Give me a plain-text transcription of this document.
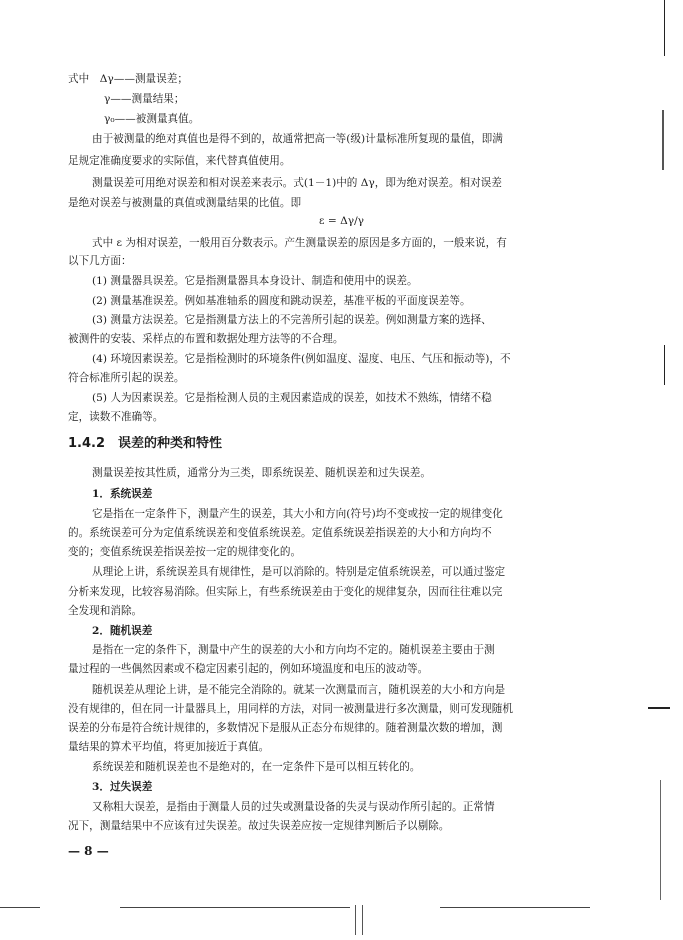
式中　Δγ——测量误差；
γ——测量结果；
γ₀——被测量真值。
由于被测量的绝对真值也是得不到的，故通常把高一等(级)计量标准所复现的量值，即满
足规定准确度要求的实际值，来代替真值使用。
测量误差可用绝对误差和相对误差来表示。式(1－1)中的 Δγ，即为绝对误差。相对误差
是绝对误差与被测量的真值或测量结果的比值。即
ε = Δγ/γ
式中 ε 为相对误差，一般用百分数表示。产生测量误差的原因是多方面的，一般来说，有
以下几方面：
(1) 测量器具误差。它是指测量器具本身设计、制造和使用中的误差。
(2) 测量基准误差。例如基准轴系的圆度和跳动误差，基准平板的平面度误差等。
(3) 测量方法误差。它是指测量方法上的不完善所引起的误差。例如测量方案的选择、
被测件的安装、采样点的布置和数据处理方法等的不合理。
(4) 环境因素误差。它是指检测时的环境条件(例如温度、湿度、电压、气压和振动等)，不
符合标准所引起的误差。
(5) 人为因素误差。它是指检测人员的主观因素造成的误差，如技术不熟练，情绪不稳
定，读数不准确等。
1.4.2　误差的种类和特性
测量误差按其性质，通常分为三类，即系统误差、随机误差和过失误差。
1．系统误差
它是指在一定条件下，测量产生的误差，其大小和方向(符号)均不变或按一定的规律变化
的。系统误差可分为定值系统误差和变值系统误差。定值系统误差指误差的大小和方向均不
变的；变值系统误差指误差按一定的规律变化的。
从理论上讲，系统误差具有规律性，是可以消除的。特别是定值系统误差，可以通过鉴定
分析来发现，比较容易消除。但实际上，有些系统误差由于变化的规律复杂，因而往往难以完
全发现和消除。
2．随机误差
是指在一定的条件下，测量中产生的误差的大小和方向均不定的。随机误差主要由于测
量过程的一些偶然因素或不稳定因素引起的，例如环境温度和电压的波动等。
随机误差从理论上讲，是不能完全消除的。就某一次测量而言，随机误差的大小和方向是
没有规律的，但在同一计量器具上，用同样的方法，对同一被测量进行多次测量，则可发现随机
误差的分布是符合统计规律的，多数情况下是服从正态分布规律的。随着测量次数的增加，测
量结果的算术平均值，将更加接近于真值。
系统误差和随机误差也不是绝对的，在一定条件下是可以相互转化的。
3．过失误差
又称粗大误差，是指由于测量人员的过失或测量设备的失灵与误动作所引起的。正常情
况下，测量结果中不应该有过失误差。故过失误差应按一定规律判断后予以剔除。
— 8 —
